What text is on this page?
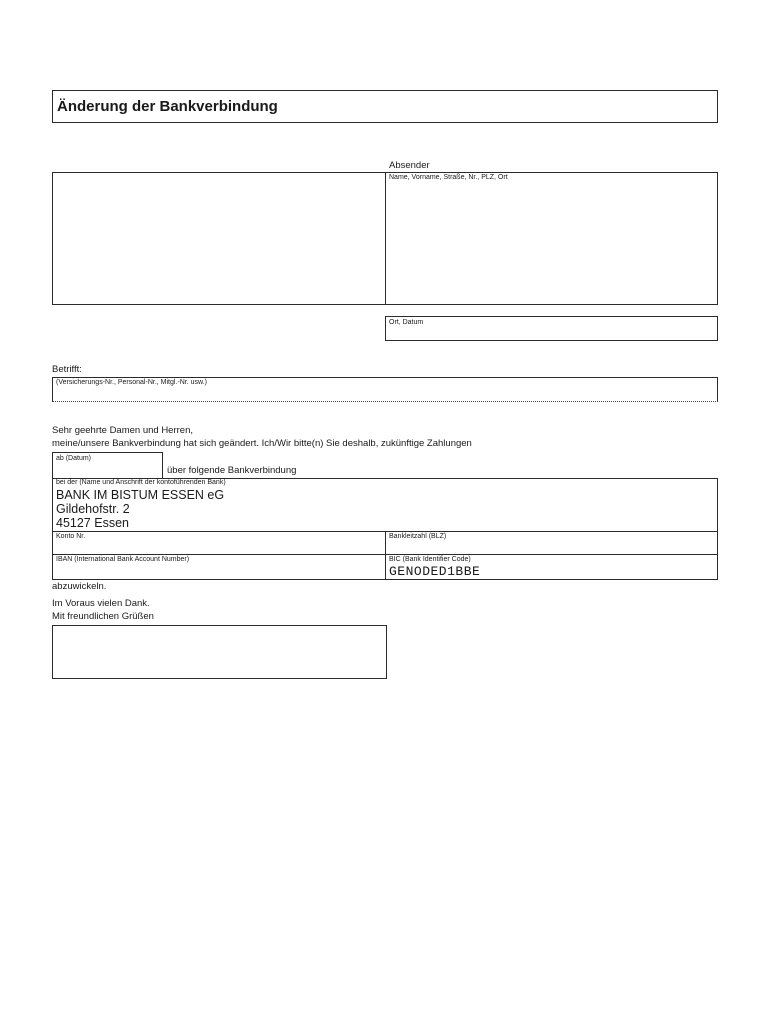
Änderung der Bankverbindung
Absender
Name, Vorname, Straße, Nr., PLZ, Ort
Ort, Datum
Betrifft:
(Versicherungs-Nr., Personal-Nr., Mitgl.-Nr. usw.)
Sehr geehrte Damen und Herren,
meine/unsere Bankverbindung hat sich geändert. Ich/Wir bitte(n) Sie deshalb, zukünftige Zahlungen
ab (Datum)
über folgende Bankverbindung
bei der (Name und Anschrift der kontoführenden Bank)
BANK IM BISTUM ESSEN eG
Gildehofstr. 2
45127 Essen
Konto Nr.	Bankleitzahl (BLZ)
IBAN (International Bank Account Number)	BIC (Bank Identifier Code)
GENODED1BBE
abzuwickeln.
Im Voraus vielen Dank.
Mit freundlichen Grüßen
